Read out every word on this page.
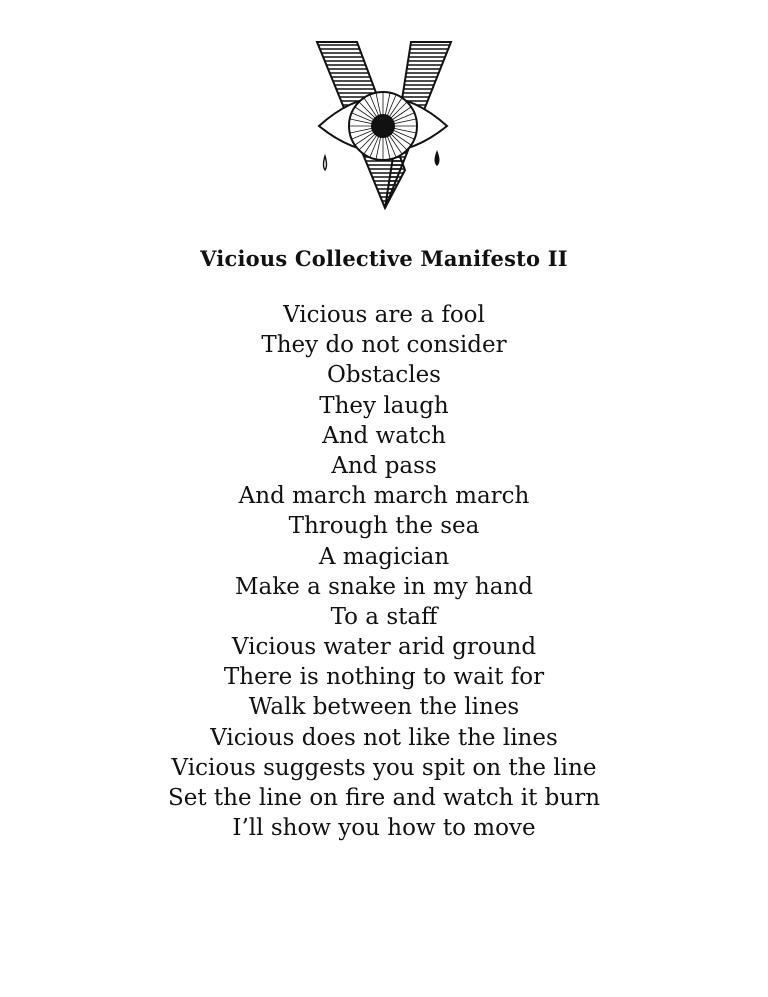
Vicious Collective Manifesto II
Vicious are a fool
They do not consider
Obstacles
They laugh
And watch
And pass
And march march march
Through the sea
A magician
Make a snake in my hand
To a staff
Vicious water arid ground
There is nothing to wait for
Walk between the lines
Vicious does not like the lines
Vicious suggests you spit on the line
Set the line on fire and watch it burn
I’ll show you how to move
